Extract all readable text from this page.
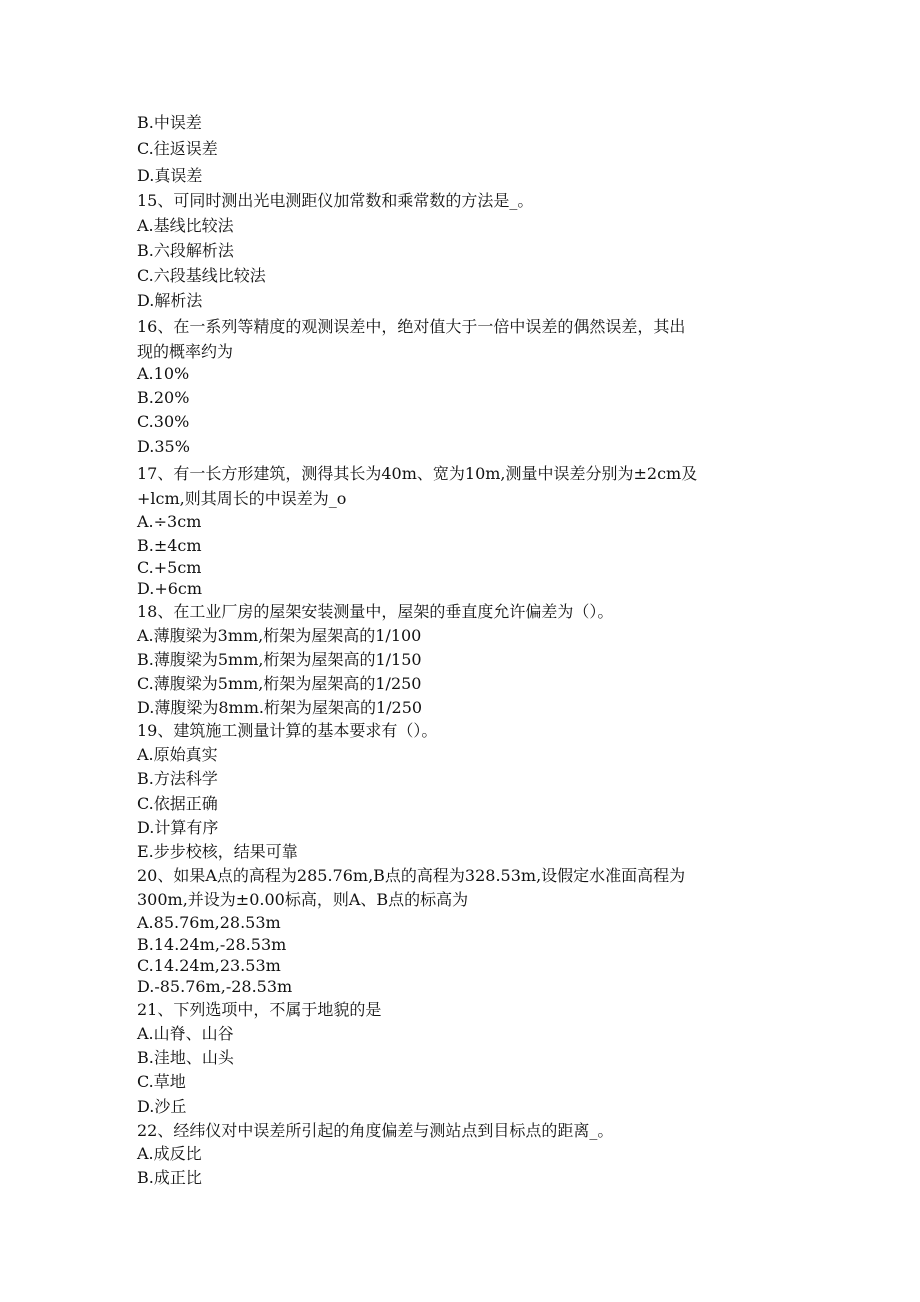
B.中误差
C.往返误差
D.真误差
15、可同时测出光电测距仪加常数和乘常数的方法是_。
A.基线比较法
B.六段解析法
C.六段基线比较法
D.解析法
16、在一系列等精度的观测误差中，绝对值大于一倍中误差的偶然误差，其出
现的概率约为
A.10%
B.20%
C.30%
D.35%
17、有一长方形建筑，测得其长为40m、宽为10m,测量中误差分别为±2cm及
+lcm,则其周长的中误差为_o
A.÷3cm
B.±4cm
C.+5cm
D.+6cm
18、在工业厂房的屋架安装测量中，屋架的垂直度允许偏差为（）。
A.薄腹梁为3mm,桁架为屋架高的1/100
B.薄腹梁为5mm,桁架为屋架高的1/150
C.薄腹梁为5mm,桁架为屋架高的1/250
D.薄腹梁为8mm.桁架为屋架高的1/250
19、建筑施工测量计算的基本要求有（）。
A.原始真实
B.方法科学
C.依据正确
D.计算有序
E.步步校核，结果可靠
20、如果A点的高程为285.76m,B点的高程为328.53m,设假定水准面高程为
300m,并设为±0.00标高，则A、B点的标高为
A.85.76m,28.53m
B.14.24m,-28.53m
C.14.24m,23.53m
D.-85.76m,-28.53m
21、下列选项中，不属于地貌的是
A.山脊、山谷
B.洼地、山头
C.草地
D.沙丘
22、经纬仪对中误差所引起的角度偏差与测站点到目标点的距离_。
A.成反比
B.成正比
